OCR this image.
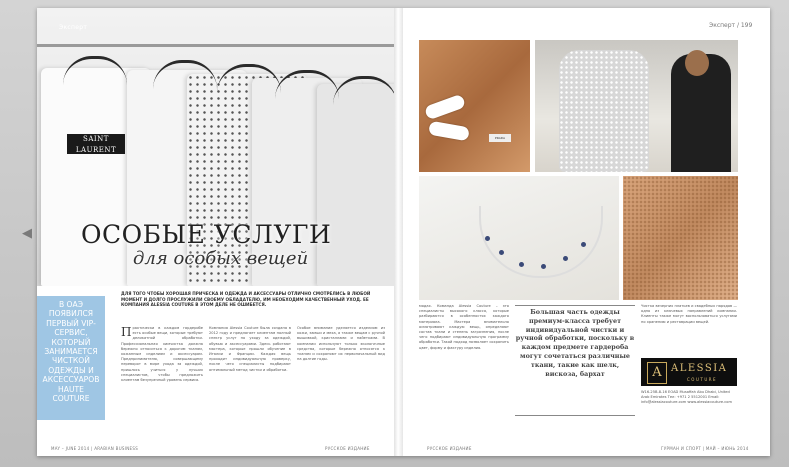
◀
SAINT LAURENT
PARIS
Эксперт
ОСОБЫЕ УСЛУГИ
для особых вещей
В ОАЭ ПОЯВИЛСЯ ПЕРВЫЙ VIP-СЕРВИС, КОТОРЫЙ ЗАНИМАЕТСЯ ЧИСТКОЙ ОДЕЖДЫ И АКСЕССУАРОВ HAUTE COUTURE
ДЛЯ ТОГО ЧТОБЫ ХОРОШАЯ ПРИЧЕСКА И ОДЕЖДА И АКСЕССУАРЫ ОТЛИЧНО СМОТРЕЛИСЬ В ЛЮБОЙ МОМЕНТ И ДОЛГО ПРОСЛУЖИЛИ СВОЕМУ ОБЛАДАТЕЛЮ, ИМ НЕОБХОДИМ КАЧЕСТВЕННЫЙ УХОД. ЕЕ КОМПАНИЯ ALESSIA COUTURE В ЭТОМ ДЕЛЕ НЕ ОШИБЕТСЯ.
Практически в каждом гардеробе есть особые вещи, которые требуют деликатной обработки. Профессиональная химчистка должна бережно относиться к дорогим тканям, кожанным изделиям и аксессуарам. Предпринимателю, совершающему переворот в мире ухода за одеждой, пришлось учиться у лучших специалистов, чтобы предложить клиентам безупречный уровень сервиса.
Компания Alessia Couture была создана в 2012 году и предлагает клиентам полный спектр услуг по уходу за одеждой, обувью и аксессуарами. Здесь работают мастера, которые прошли обучение в Италии и Франции. Каждая вещь проходит индивидуальную проверку, после чего специалисты подбирают оптимальный метод чистки и обработки.
Особое внимание уделяется изделиям из кожи, замши и меха, а также вещам с ручной вышивкой, кристаллами и пайетками. В компании используют только экологичные средства, которые бережно относятся к тканям и сохраняют их первоначальный вид на долгие годы.
MAY – JUNE 2014 | ARABIAN BUSINESS	РУССКОЕ ИЗДАНИЕ
Эксперт / 199
PRADA
модах. Команда Alessia Couture – это специалисты высокого класса, которые разбираются в особенностях каждого материала. Мастера внимательно осматривают каждую вещь, определяют состав ткани и степень загрязнения, после чего подбирают индивидуальную программу обработки. Такой подход позволяет сохранить цвет, форму и фактуру изделия.
Большая часть одежды премиум-класса требует индивидуальной чистки и ручной обработки, поскольку в каждом предмете гардероба могут сочетаться различные ткани, такие как шелк, вискоза, бархат
Чистка вечерних платьев и свадебных нарядов — одно из ключевых направлений компании. Клиенты также могут воспользоваться услугами по хранению и реставрации вещей.
A ALESSIA
COUTURE
W16-25B-8-16 EOAD Musaffah Abu Dhabi, United Arab Emirates Тел: +971 2 5512001 Email: info@alessiacouture.com www.alessiacouture.com
РУССКОЕ ИЗДАНИЕ	ГУРМАН И СПОРТ | МАЙ – ИЮНЬ 2014
